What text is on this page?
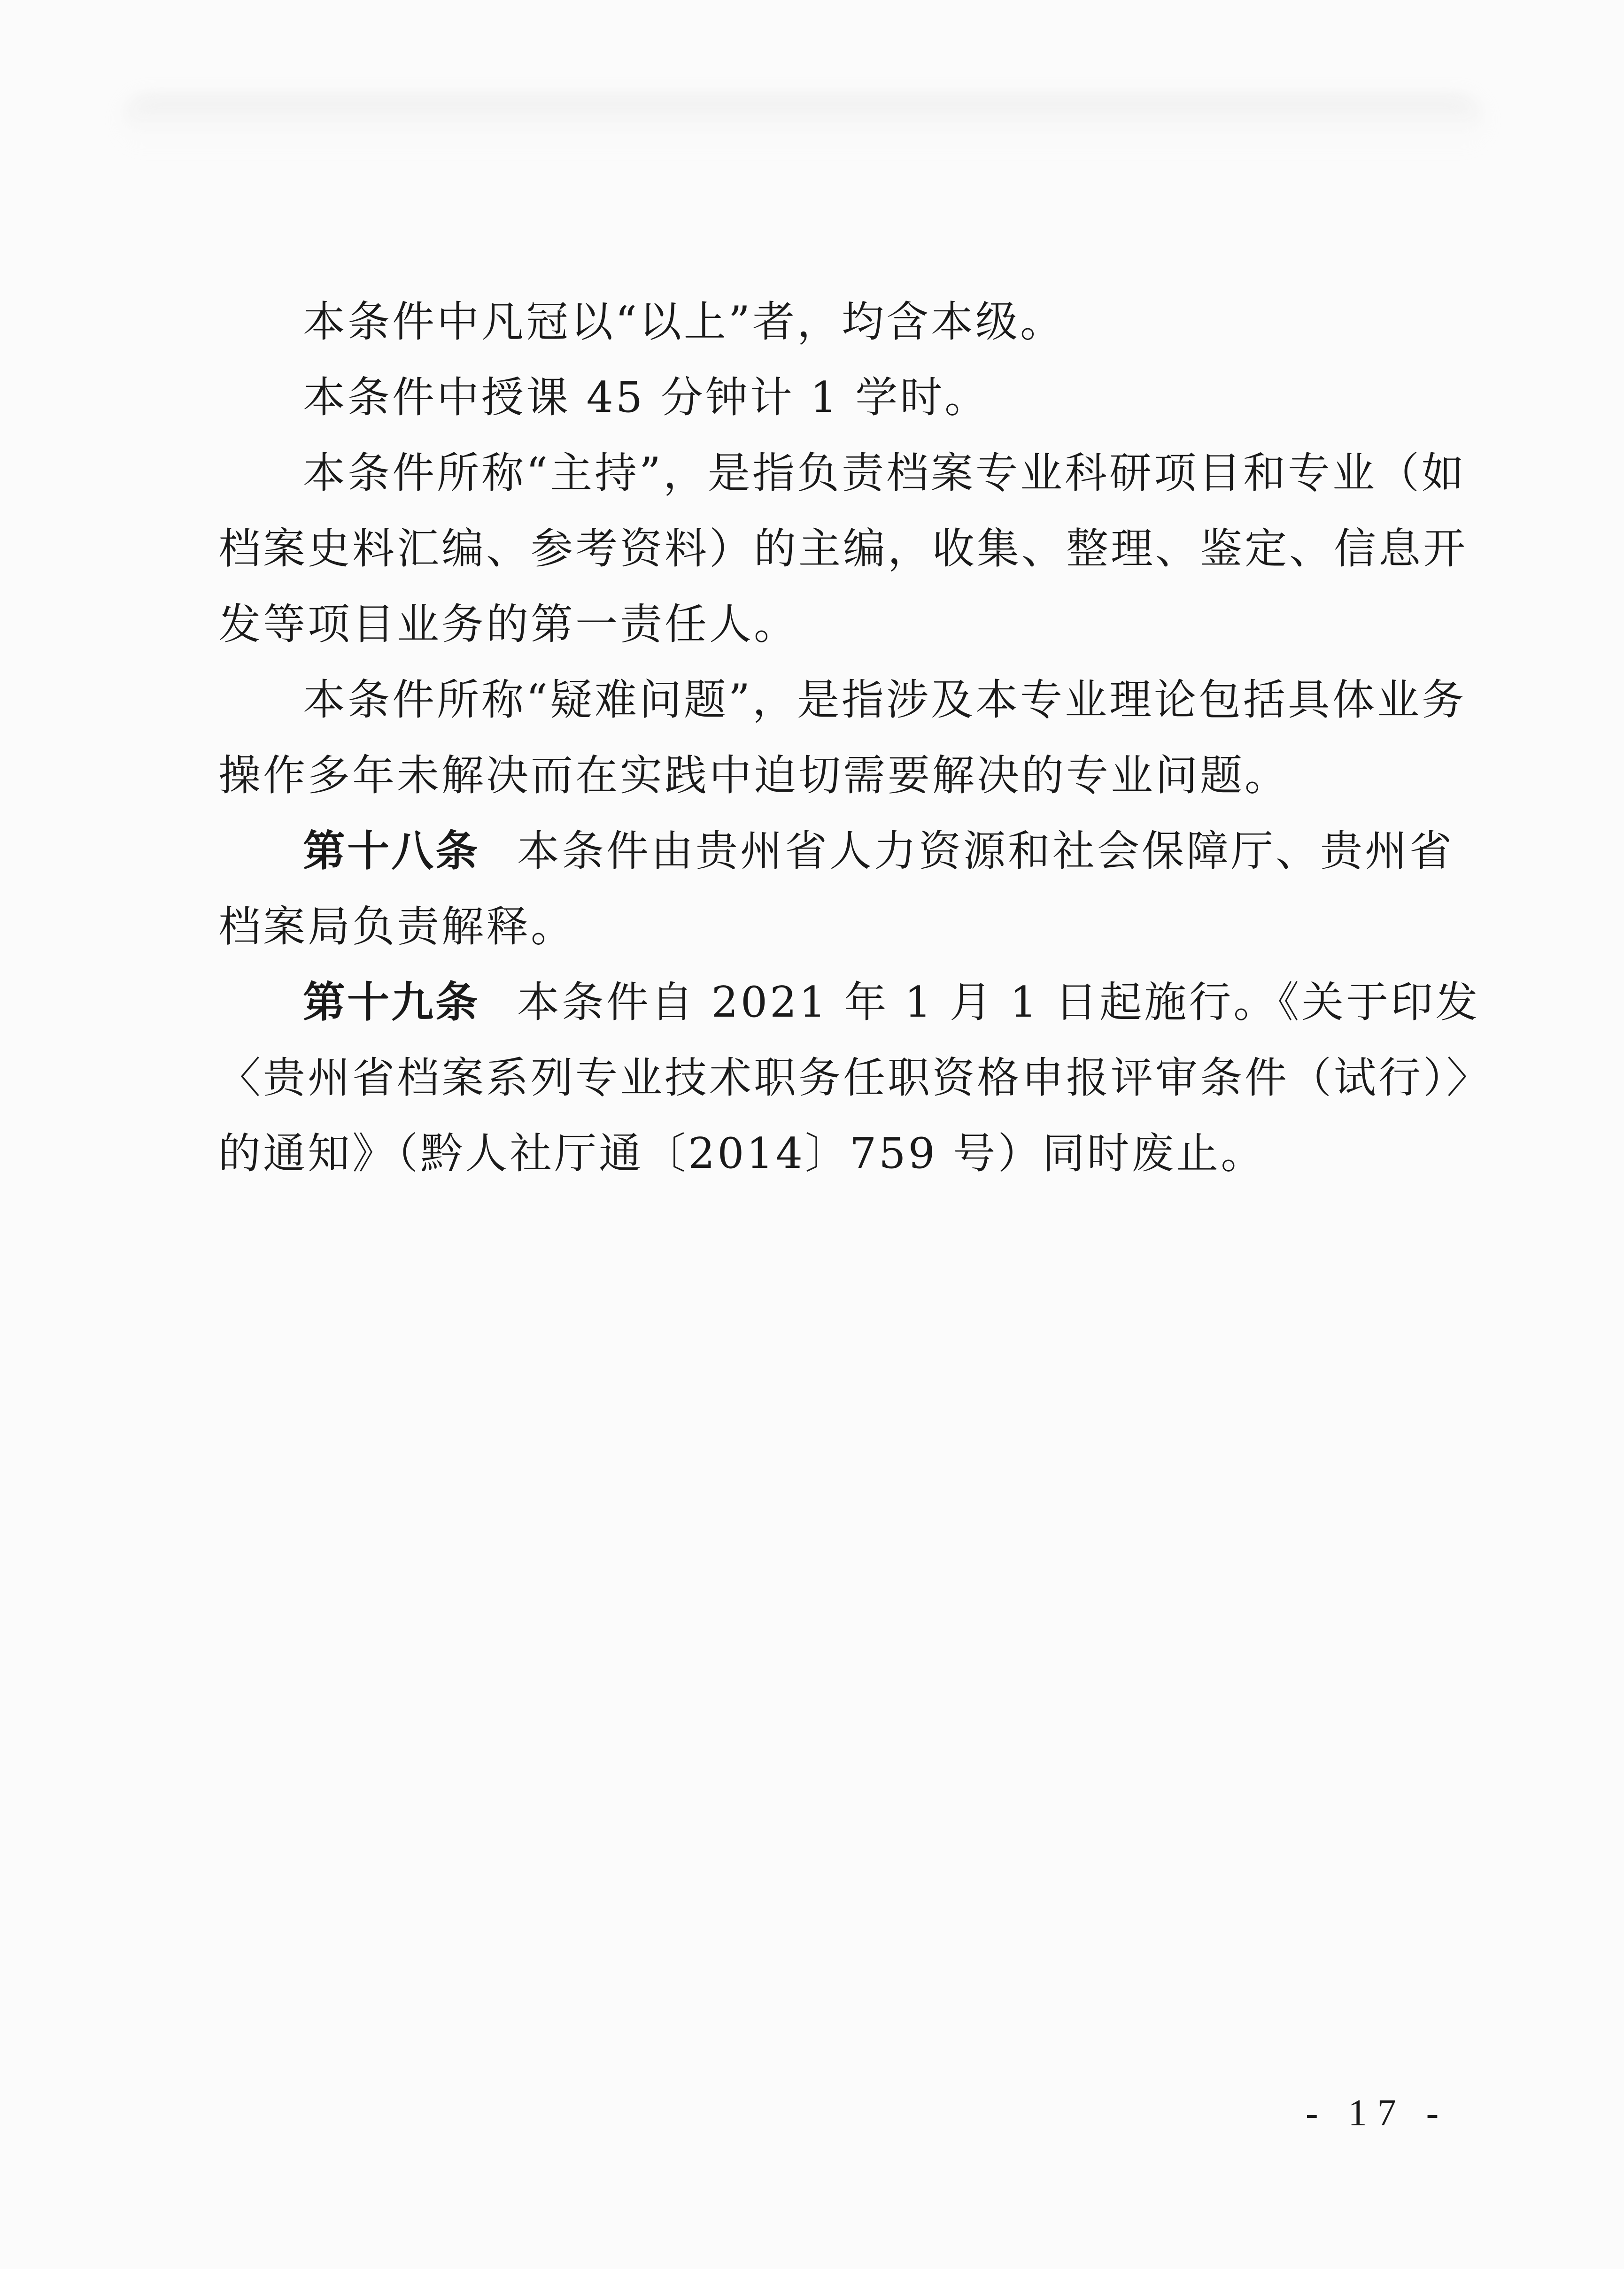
本条件中凡冠以“以上”者，均含本级。
本条件中授课 45 分钟计 1 学时。
本条件所称“主持”，是指负责档案专业科研项目和专业（如
档案史料汇编、参考资料）的主编，收集、整理、鉴定、信息开
发等项目业务的第一责任人。
本条件所称“疑难问题”，是指涉及本专业理论包括具体业务
操作多年未解决而在实践中迫切需要解决的专业问题。
第十八条 本条件由贵州省人力资源和社会保障厅、贵州省
档案局负责解释。
第十九条 本条件自 2021 年 1 月 1 日起施行。《关于印发
〈贵州省档案系列专业技术职务任职资格申报评审条件（试行）〉
的通知》（黔人社厅通〔2014〕759 号）同时废止。
- 17 -
